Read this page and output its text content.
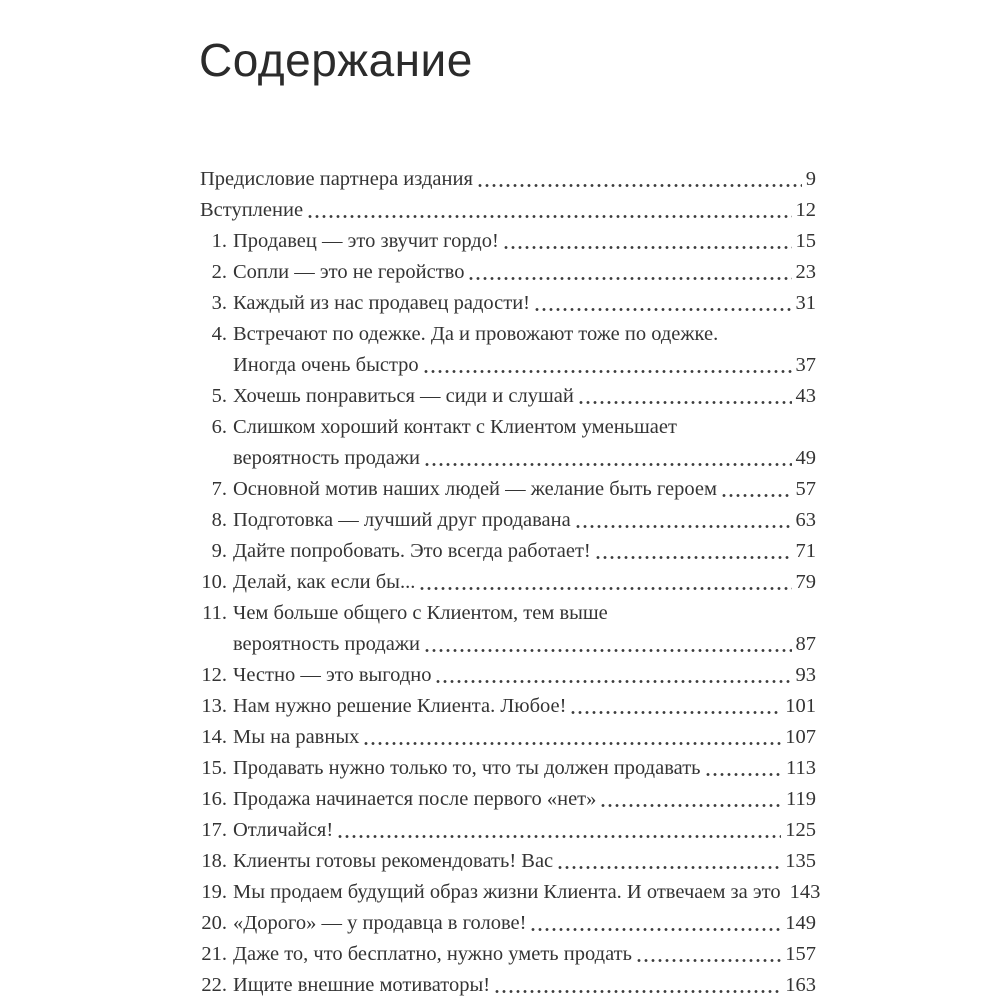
Содержание
Предисловие партнера издания	9
Вступление	12
1. Продавец — это звучит гордо!	15
2. Сопли — это не геройство	23
3. Каждый из нас продавец радости!	31
4. Встречают по одежке. Да и провожают тоже по одежке.
Иногда очень быстро	37
5. Хочешь понравиться — сиди и слушай	43
6. Слишком хороший контакт с Клиентом уменьшает
вероятность продажи	49
7. Основной мотив наших людей — желание быть героем	57
8. Подготовка — лучший друг продавана	63
9. Дайте попробовать. Это всегда работает!	71
10. Делай, как если бы...	79
11. Чем больше общего с Клиентом, тем выше
вероятность продажи	87
12. Честно — это выгодно	93
13. Нам нужно решение Клиента. Любое!	101
14. Мы на равных	107
15. Продавать нужно только то, что ты должен продавать	113
16. Продажа начинается после первого «нет»	119
17. Отличайся!	125
18. Клиенты готовы рекомендовать! Вас	135
19. Мы продаем будущий образ жизни Клиента. И отвечаем за это 143
20. «Дорого» — у продавца в голове!	149
21. Даже то, что бесплатно, нужно уметь продать	157
22. Ищите внешние мотиваторы!	163
